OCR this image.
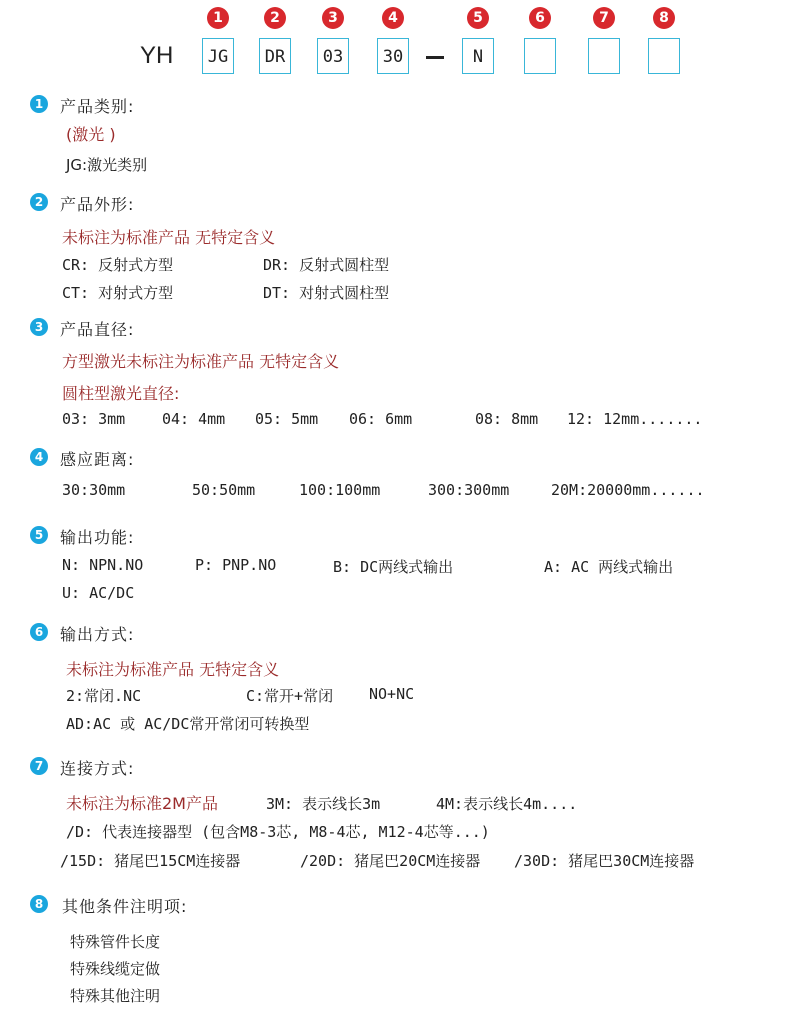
1	2	3	4	5	6	7	8
YH	JG	DR	03	30	N
1	产品类别:
(激光 )
JG:激光类别
2	产品外形:
未标注为标准产品 无特定含义
CR: 反射式方型	DR: 反射式圆柱型
CT: 对射式方型	DT: 对射式圆柱型
3	产品直径:
方型激光未标注为标准产品 无特定含义
圆柱型激光直径:
03: 3mm 04: 4mm 05: 5mm 06: 6mm	08: 8mm 12: 12mm.......
4	感应距离:
30:30mm	50:50mm	100:100mm	300:300mm	20M:20000mm......
5	输出功能:
N: NPN.NO	P: PNP.NO	B: DC两线式输出	A: AC 两线式输出
U: AC/DC
6	输出方式:
未标注为标准产品 无特定含义
2:常闭.NC	C:常开+常闭 NO+NC
AD:AC 或 AC/DC常开常闭可转换型
7	连接方式:
未标注为标准2M产品	3M: 表示线长3m	4M:表示线长4m....
/D: 代表连接器型 (包含M8-3芯, M8-4芯, M12-4芯等...)
/15D: 猪尾巴15CM连接器	/20D: 猪尾巴20CM连接器 /30D: 猪尾巴30CM连接器
8	其他条件注明项:
特殊管件长度
特殊线缆定做
特殊其他注明
